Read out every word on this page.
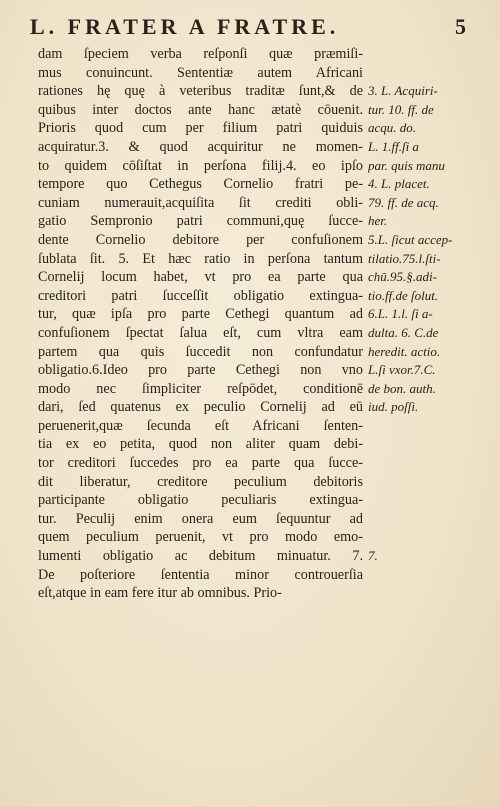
L. FRATER A FRATRE.	5
dam ſpeciem verba reſponſi quæ præmiſi-
mus conuincunt. Sententiæ autem Africani
rationes hę quę à veteribus traditæ ſunt,& de
quibus inter doctos ante hanc ætatè cōuenit.
Prioris quod cum per filium patri quiduis
acquiratur.3. & quod acquiritur ne momen-
to quidem cōſiſtat in perſona filij.4. eo ipſo
tempore quo Cethegus Cornelio fratri pe-
cuniam numerauit,acquiſita ſit crediti obli-
gatio Sempronio patri communi,quę ſucce-
dente Cornelio debitore per confuſionem
ſublata ſit. 5. Et hæc ratio in perſona tantum
Cornelij locum habet, vt pro ea parte qua
creditori patri ſucceſſit obligatio extingua-
tur, quæ ipſa pro parte Cethegi quantum ad
confuſionem ſpectat ſalua eſt, cum vltra eam
partem qua quis ſuccedit non confundatur
obligatio.6.Ideo pro parte Cethegi non vno
modo nec ſimpliciter reſpōdet, conditionē
dari, ſed quatenus ex peculio Cornelij ad eū
peruenerit,quæ ſecunda eſt Africani ſenten-
tia ex eo petita, quod non aliter quam debi-
tor creditori ſuccedes pro ea parte qua ſucce-
dit liberatur, creditore peculium debitoris
participante obligatio peculiaris extingua-
tur. Peculij enim onera eum ſequuntur ad
quem peculium peruenit, vt pro modo emo-
lumenti obligatio ac debitum minuatur. 7.
De poſteriore ſententia minor controuerſia
eſt,atque in eam fere itur ab omnibus. Prio-
3. L. Acquiri-
tur. 10. ff. de
acqu. do.
L. 1.ff.ſi a
par. quis manu
4. L. placet.
79. ff. de acq.
her.
5.L. ſicut accep-
tilatio.75.l.ſti-
chū.95.§.adi-
tio.ff.de ſolut.
6.L. 1.l. ſi a-
dulta. 6. C.de
heredit. actio.
L.ſi vxor.7.C.
de bon. auth.
iud. poſſi.
7.
